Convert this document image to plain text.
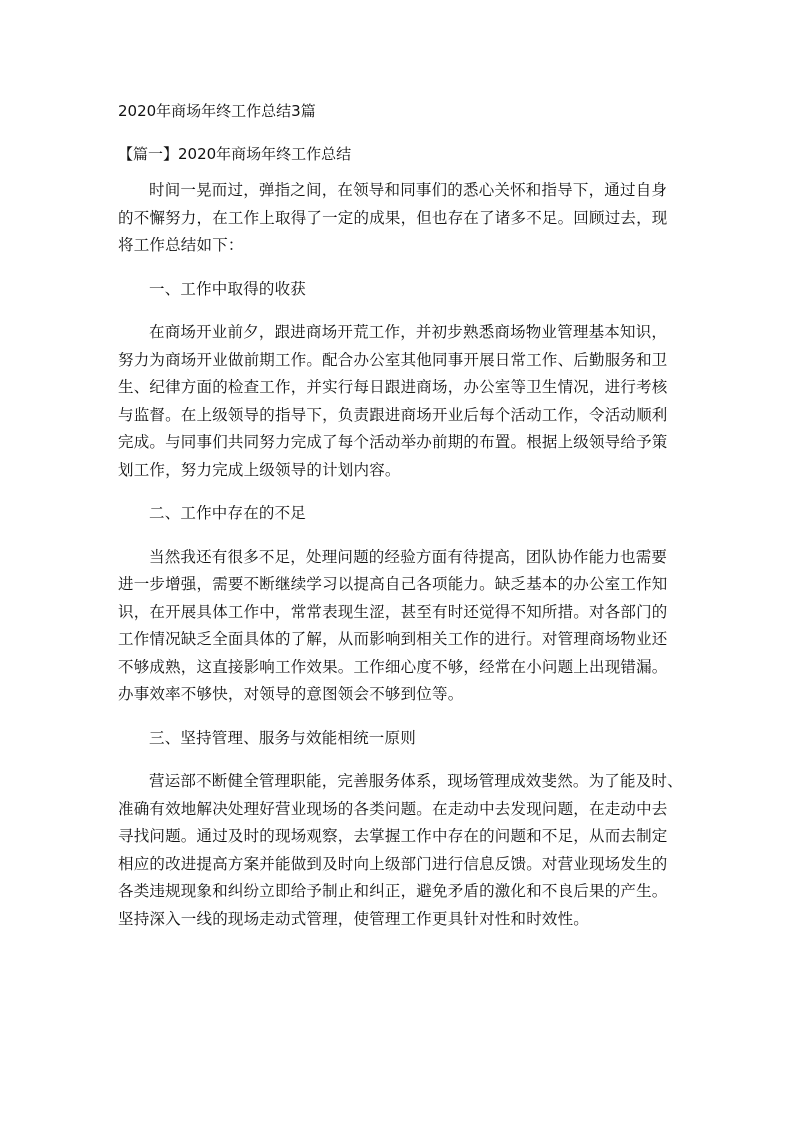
2020年商场年终工作总结3篇
【篇一】2020年商场年终工作总结

时间一晃而过，弹指之间，在领导和同事们的悉心关怀和指导下，通过自身
的不懈努力，在工作上取得了一定的成果，但也存在了诸多不足。回顾过去，现
将工作总结如下：

一、工作中取得的收获

在商场开业前夕，跟进商场开荒工作，并初步熟悉商场物业管理基本知识，
努力为商场开业做前期工作。配合办公室其他同事开展日常工作、后勤服务和卫
生、纪律方面的检查工作，并实行每日跟进商场，办公室等卫生情况，进行考核
与监督。在上级领导的指导下，负责跟进商场开业后每个活动工作，令活动顺利
完成。与同事们共同努力完成了每个活动举办前期的布置。根据上级领导给予策
划工作，努力完成上级领导的计划内容。

二、工作中存在的不足

当然我还有很多不足，处理问题的经验方面有待提高，团队协作能力也需要
进一步增强，需要不断继续学习以提高自己各项能力。缺乏基本的办公室工作知
识，在开展具体工作中，常常表现生涩，甚至有时还觉得不知所措。对各部门的
工作情况缺乏全面具体的了解，从而影响到相关工作的进行。对管理商场物业还
不够成熟，这直接影响工作效果。工作细心度不够，经常在小问题上出现错漏。
办事效率不够快，对领导的意图领会不够到位等。

三、坚持管理、服务与效能相统一原则

营运部不断健全管理职能，完善服务体系，现场管理成效斐然。为了能及时、
准确有效地解决处理好营业现场的各类问题。在走动中去发现问题，在走动中去
寻找问题。通过及时的现场观察，去掌握工作中存在的问题和不足，从而去制定
相应的改进提高方案并能做到及时向上级部门进行信息反馈。对营业现场发生的
各类违规现象和纠纷立即给予制止和纠正，避免矛盾的激化和不良后果的产生。
坚持深入一线的现场走动式管理，使管理工作更具针对性和时效性。
